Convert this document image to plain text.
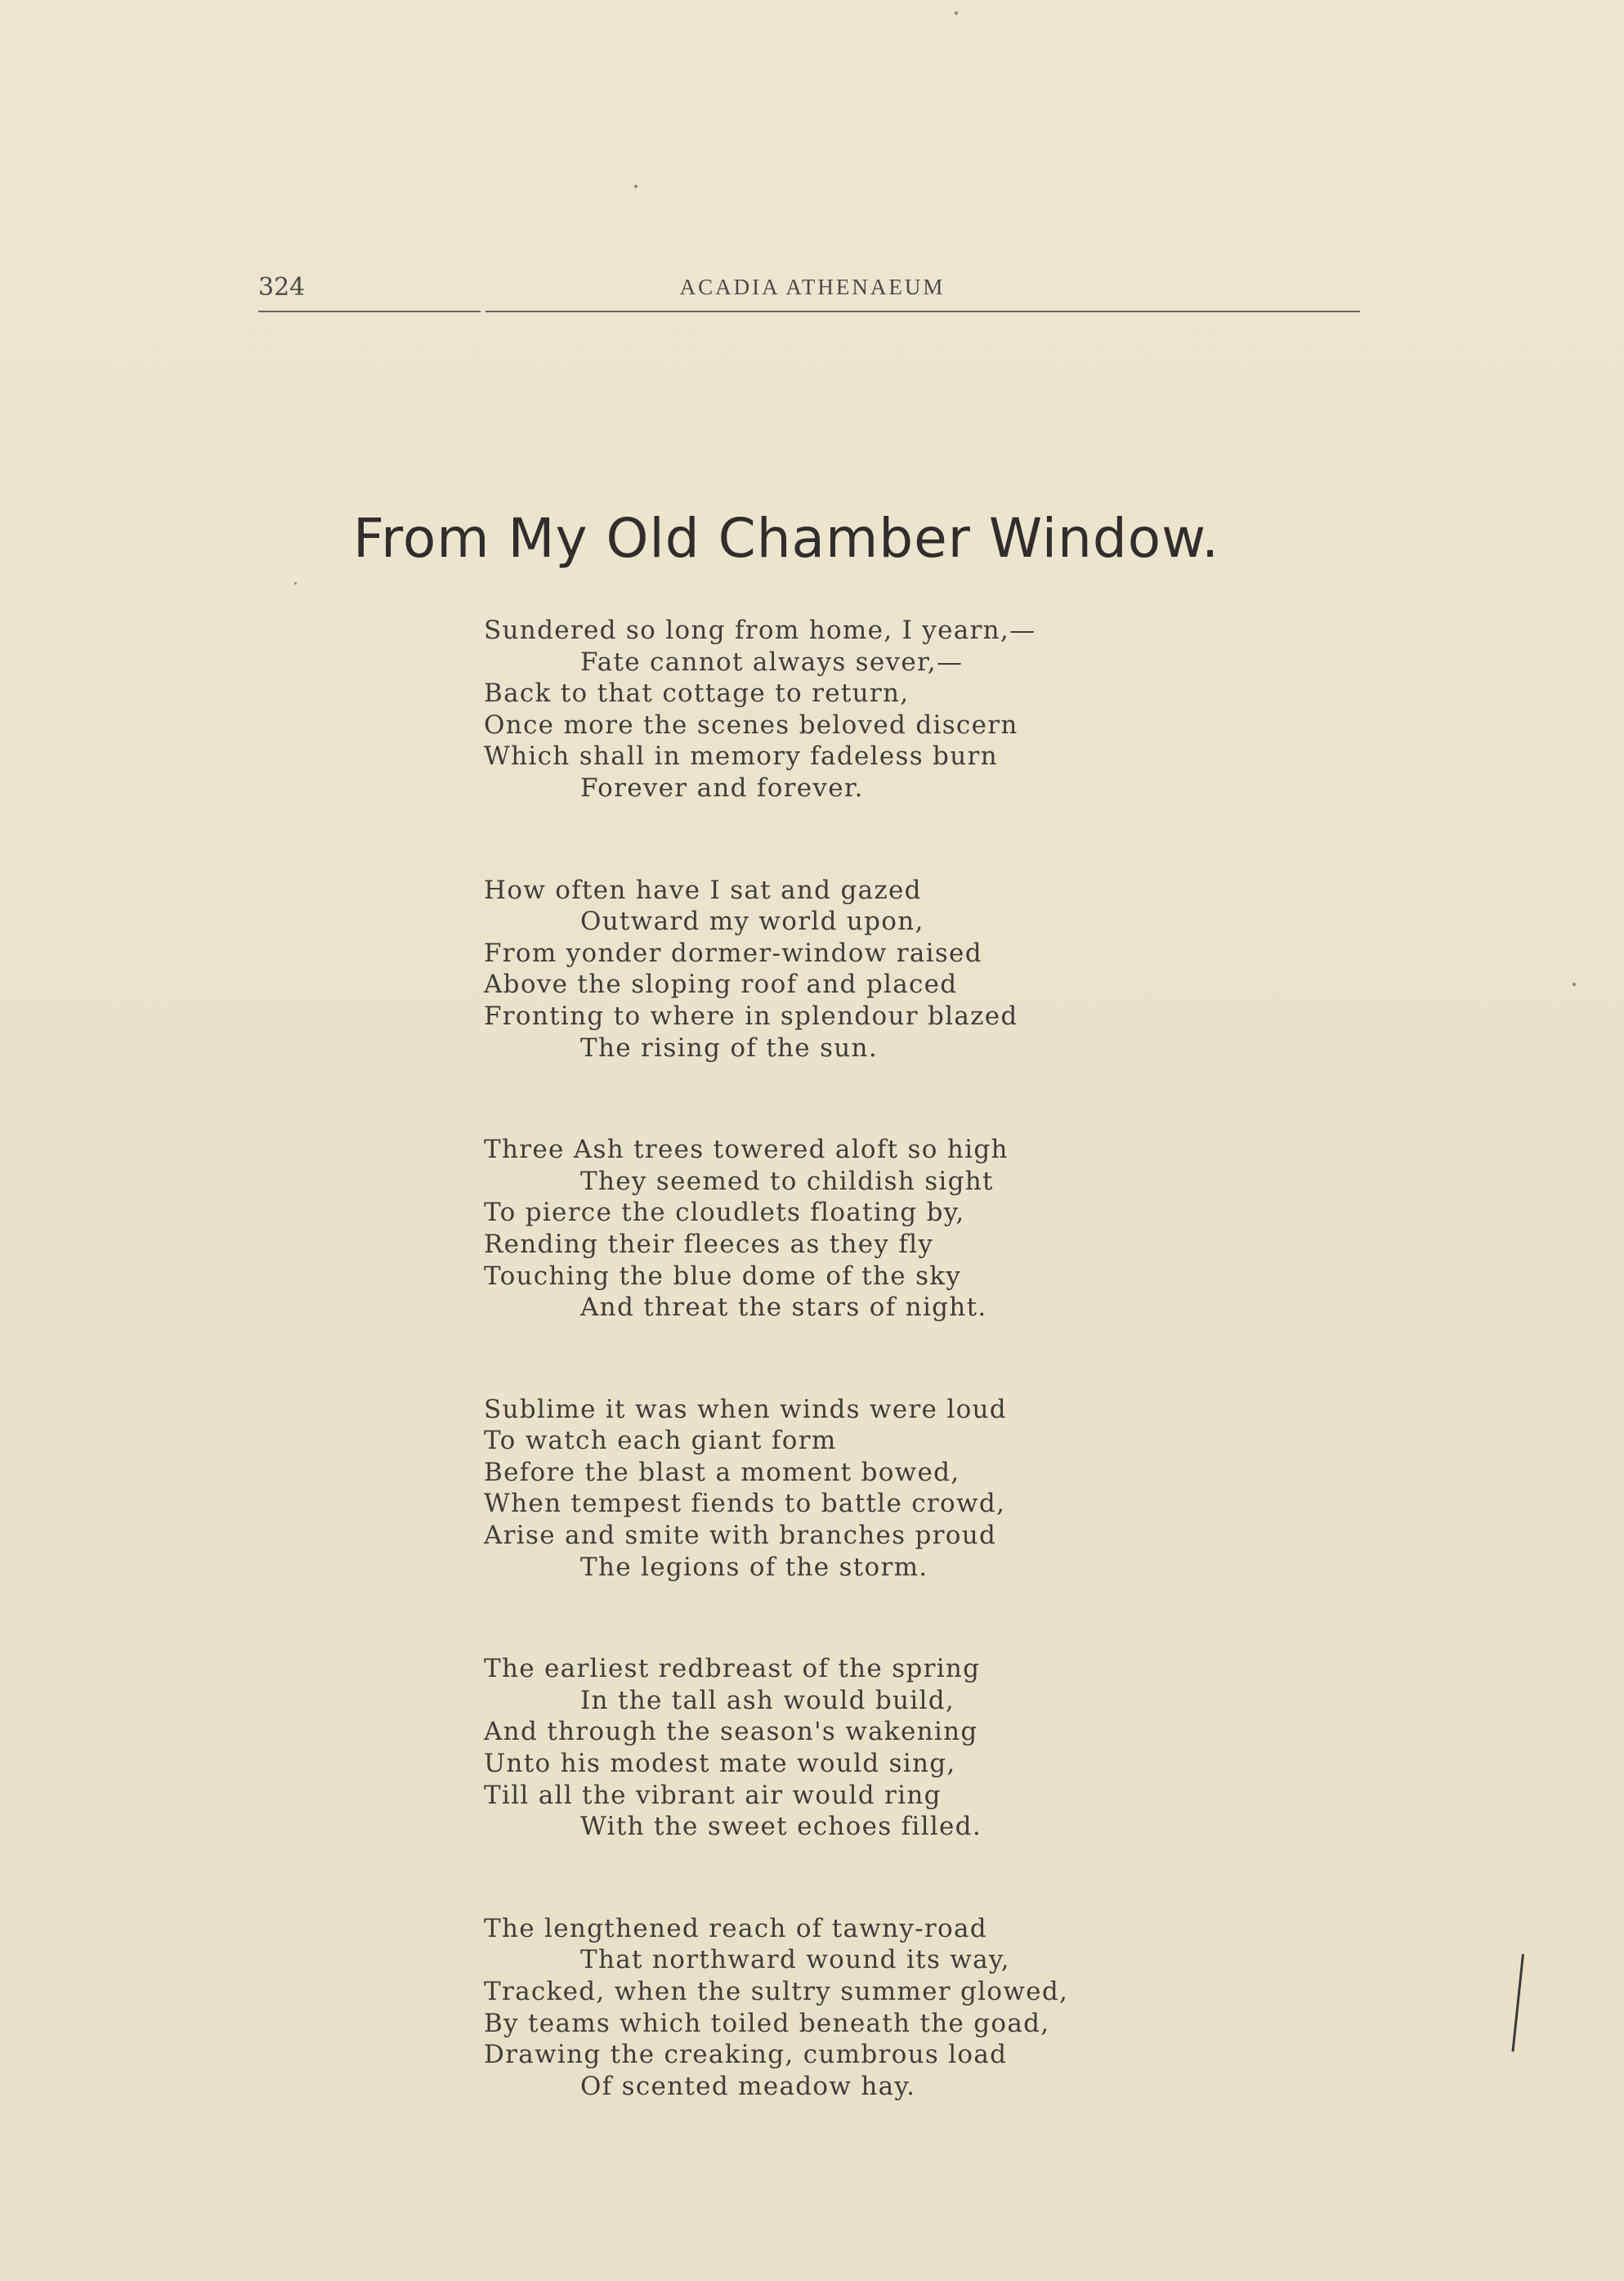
324	ACADIA ATHENAEUM
From My Old Chamber Window.
Sundered so long from home, I yearn,—
Fate cannot always sever,—
Back to that cottage to return,
Once more the scenes beloved discern
Which shall in memory fadeless burn
Forever and forever.
How often have I sat and gazed
Outward my world upon,
From yonder dormer-window raised
Above the sloping roof and placed
Fronting to where in splendour blazed
The rising of the sun.
Three Ash trees towered aloft so high
They seemed to childish sight
To pierce the cloudlets floating by,
Rending their fleeces as they fly
Touching the blue dome of the sky
And threat the stars of night.
Sublime it was when winds were loud
To watch each giant form
Before the blast a moment bowed,
When tempest fiends to battle crowd,
Arise and smite with branches proud
The legions of the storm.
The earliest redbreast of the spring
In the tall ash would build,
And through the season's wakening
Unto his modest mate would sing,
Till all the vibrant air would ring
With the sweet echoes filled.
The lengthened reach of tawny-road
That northward wound its way,
Tracked, when the sultry summer glowed,
By teams which toiled beneath the goad,
Drawing the creaking, cumbrous load
Of scented meadow hay.
